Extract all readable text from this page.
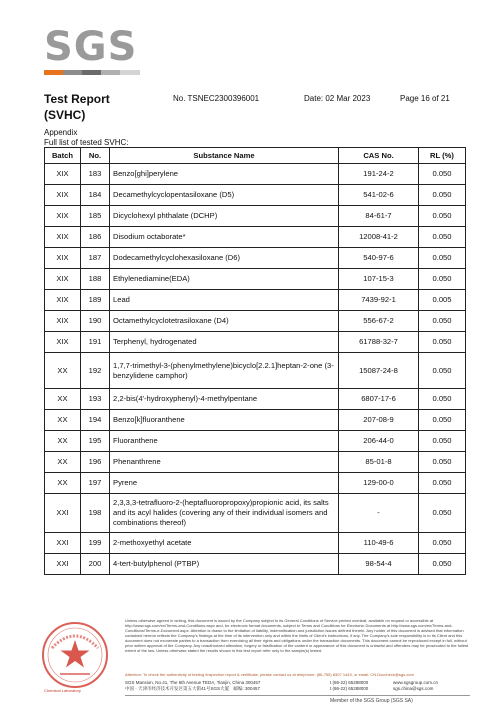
SGS
Test Report	No. TSNEC2300396001	Date: 02 Mar 2023	Page 16 of 21
(SVHC)
Appendix
Full list of tested SVHC:
Batch	No.	Substance Name	CAS No.	RL (%)
XIX	183	Benzo[ghi]perylene	191-24-2	0.050
XIX	184	Decamethylcyclopentasiloxane (D5)	541-02-6	0.050
XIX	185	Dicyclohexyl phthalate (DCHP)	84-61-7	0.050
XIX	186	Disodium octaborate*	12008-41-2	0.050
XIX	187	Dodecamethylcyclohexasiloxane (D6)	540-97-6	0.050
XIX	188	Ethylenediamine(EDA)	107-15-3	0.050
XIX	189	Lead	7439-92-1	0.005
XIX	190	Octamethylcyclotetrasiloxane (D4)	556-67-2	0.050
XIX	191	Terphenyl, hydrogenated	61788-32-7	0.050
XX	192	1,7,7-trimethyl-3-(phenylmethylene)bicyclo[2.2.1]heptan-2-one (3-benzylidene camphor)	15087-24-8	0.050
XX	193	2,2-bis(4'-hydroxyphenyl)-4-methylpentane	6807-17-6	0.050
XX	194	Benzo[k]fluoranthene	207-08-9	0.050
XX	195	Fluoranthene	206-44-0	0.050
XX	196	Phenanthrene	85-01-8	0.050
XX	197	Pyrene	129-00-0	0.050
XXI	198	2,3,3,3-tetrafluoro-2-(heptafluoropropoxy)propionic acid, its salts and its acyl halides (covering any of their individual isomers and combinations thereof)	-	0.050
XXI	199	2-methoxyethyl acetate	110-49-6	0.050
XXI	200	4-tert-butylphenol (PTBP)	98-54-4	0.050
Chemical Laboratory
Unless otherwise agreed in writing, this document is issued by the Company subject to its General Conditions of Service printed overleaf, available on request or accessible at http://www.sgs.com/en/Terms-and-Conditions.aspx and, for electronic format documents, subject to Terms and Conditions for Electronic Documents at http://www.sgs.com/en/Terms-and-Conditions/Terms-e-Document.aspx. Attention is drawn to the limitation of liability, indemnification and jurisdiction issues defined therein. Any holder of this document is advised that information contained hereon reflects the Company's findings at the time of its intervention only and within the limits of Client's instructions, if any. The Company's sole responsibility is to its Client and this document does not exonerate parties to a transaction from exercising all their rights and obligations under the transaction documents. This document cannot be reproduced except in full, without prior written approval of the Company. Any unauthorized alteration, forgery or falsification of the content or appearance of this document is unlawful and offenders may be prosecuted to the fullest extent of the law. Unless otherwise stated the results shown in this test report refer only to the sample(s) tested.
Attention: To check the authenticity of testing /inspection report & certificate, please contact us at telephone: (86-755) 8307 1443, or email: CN.Doccheck@sgs.com
SGS Mansion, No.41, The 5th Avenue TEDA, Tianjin, China 300457	t (86-22) 65288000	www.sgsgroup.com.cn
中国 · 天津市经济技术开发区第五大街41号SGS大厦　邮编: 300457	t (86-22) 65288000	sgs.china@sgs.com
Member of the SGS Group (SGS SA)
